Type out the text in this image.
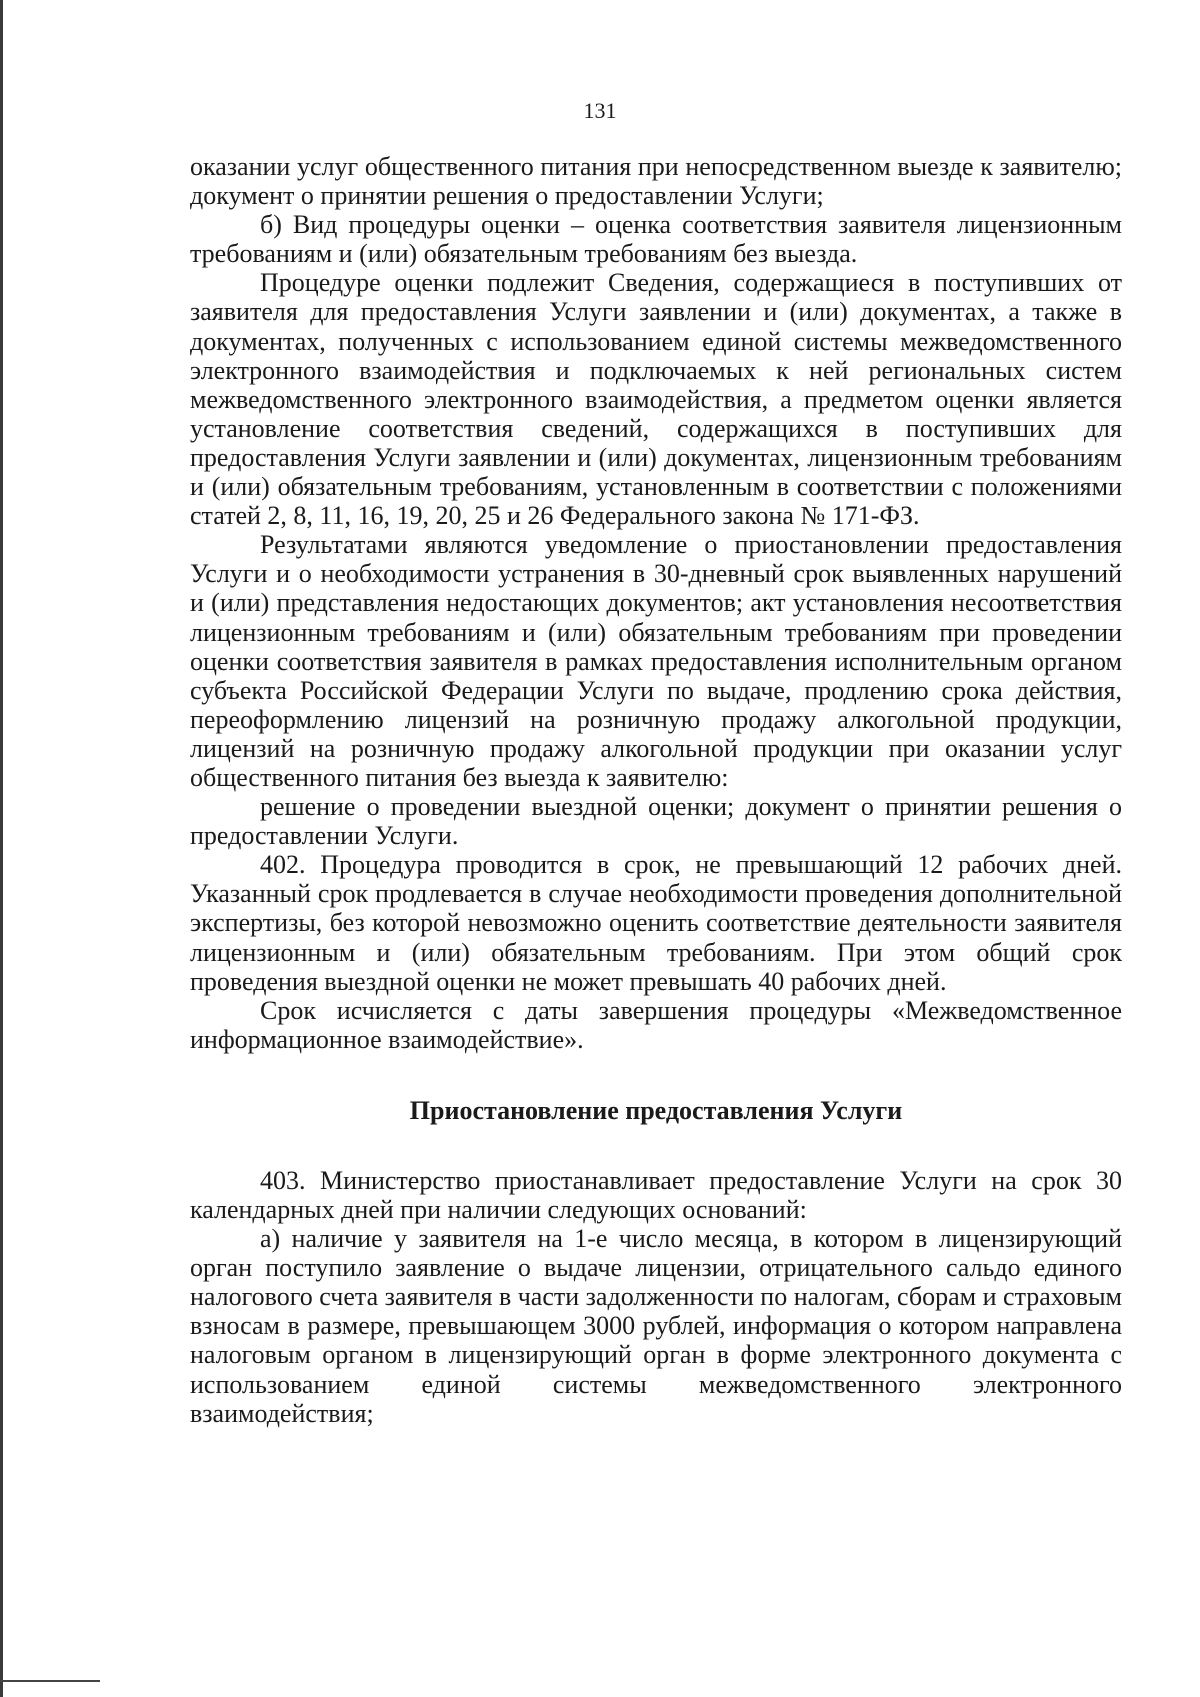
131

оказании услуг общественного питания при непосредственном выезде к заявителю; документ о принятии решения о предоставлении Услуги;

б) Вид процедуры оценки – оценка соответствия заявителя лицензионным требованиям и (или) обязательным требованиям без выезда.

Процедуре оценки подлежит Сведения, содержащиеся в поступивших от заявителя для предоставления Услуги заявлении и (или) документах, а также в документах, полученных с использованием единой системы межведомственного электронного взаимодействия и подключаемых к ней региональных систем межведомственного электронного взаимодействия, а предметом оценки является установление соответствия сведений, содержащихся в поступивших для предоставления Услуги заявлении и (или) документах, лицензионным требованиям и (или) обязательным требованиям, установленным в соответствии с положениями статей 2, 8, 11, 16, 19, 20, 25 и 26 Федерального закона № 171-ФЗ.

Результатами являются уведомление о приостановлении предоставления Услуги и о необходимости устранения в 30-дневный срок выявленных нарушений и (или) представления недостающих документов; акт установления несоответствия лицензионным требованиям и (или) обязательным требованиям при проведении оценки соответствия заявителя в рамках предоставления исполнительным органом субъекта Российской Федерации Услуги по выдаче, продлению срока действия, переоформлению лицензий на розничную продажу алкогольной продукции, лицензий на розничную продажу алкогольной продукции при оказании услуг общественного питания без выезда к заявителю:

решение о проведении выездной оценки; документ о принятии решения о предоставлении Услуги.

402. Процедура проводится в срок, не превышающий 12 рабочих дней. Указанный срок продлевается в случае необходимости проведения дополнительной экспертизы, без которой невозможно оценить соответствие деятельности заявителя лицензионным и (или) обязательным требованиям. При этом общий срок проведения выездной оценки не может превышать 40 рабочих дней.

Срок исчисляется с даты завершения процедуры «Межведомственное информационное взаимодействие».

Приостановление предоставления Услуги

403. Министерство приостанавливает предоставление Услуги на срок 30 календарных дней при наличии следующих оснований:

а) наличие у заявителя на 1-е число месяца, в котором в лицензирующий орган поступило заявление о выдаче лицензии, отрицательного сальдо единого налогового счета заявителя в части задолженности по налогам, сборам и страховым взносам в размере, превышающем 3000 рублей, информация о котором направлена налоговым органом в лицензирующий орган в форме электронного документа с использованием единой системы межведомственного электронного взаимодействия;
